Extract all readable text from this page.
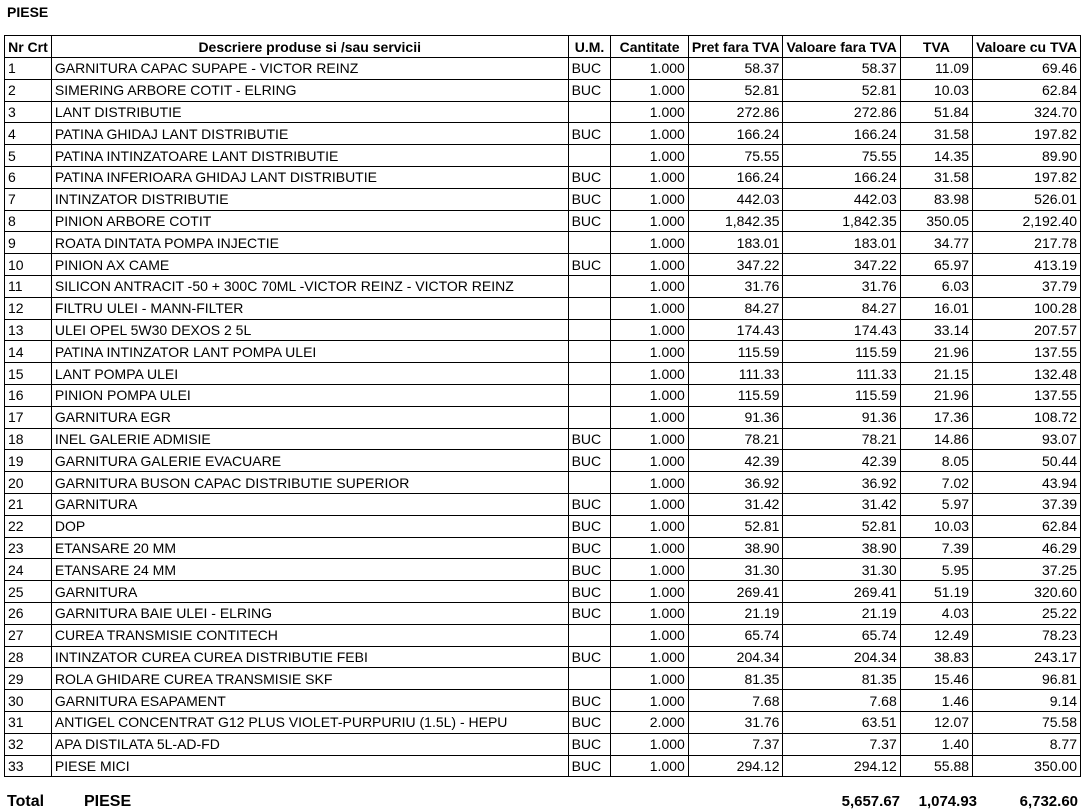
PIESE
Nr Crt	Descriere produse si /sau servicii	U.M.	Cantitate	Pret fara TVA	Valoare fara TVA	TVA	Valoare cu TVA
1	GARNITURA CAPAC SUPAPE - VICTOR REINZ	BUC	1.000	58.37	58.37	11.09	69.46
2	SIMERING ARBORE COTIT - ELRING	BUC	1.000	52.81	52.81	10.03	62.84
3	LANT DISTRIBUTIE		1.000	272.86	272.86	51.84	324.70
4	PATINA GHIDAJ LANT DISTRIBUTIE	BUC	1.000	166.24	166.24	31.58	197.82
5	PATINA INTINZATOARE LANT DISTRIBUTIE		1.000	75.55	75.55	14.35	89.90
6	PATINA INFERIOARA GHIDAJ LANT DISTRIBUTIE	BUC	1.000	166.24	166.24	31.58	197.82
7	INTINZATOR DISTRIBUTIE	BUC	1.000	442.03	442.03	83.98	526.01
8	PINION ARBORE COTIT	BUC	1.000	1,842.35	1,842.35	350.05	2,192.40
9	ROATA DINTATA POMPA INJECTIE		1.000	183.01	183.01	34.77	217.78
10	PINION AX CAME	BUC	1.000	347.22	347.22	65.97	413.19
11	SILICON ANTRACIT -50 + 300C 70ML -VICTOR REINZ - VICTOR REINZ		1.000	31.76	31.76	6.03	37.79
12	FILTRU ULEI - MANN-FILTER		1.000	84.27	84.27	16.01	100.28
13	ULEI OPEL 5W30 DEXOS 2 5L		1.000	174.43	174.43	33.14	207.57
14	PATINA INTINZATOR LANT POMPA ULEI		1.000	115.59	115.59	21.96	137.55
15	LANT POMPA ULEI		1.000	111.33	111.33	21.15	132.48
16	PINION POMPA ULEI		1.000	115.59	115.59	21.96	137.55
17	GARNITURA EGR		1.000	91.36	91.36	17.36	108.72
18	INEL GALERIE ADMISIE	BUC	1.000	78.21	78.21	14.86	93.07
19	GARNITURA GALERIE EVACUARE	BUC	1.000	42.39	42.39	8.05	50.44
20	GARNITURA BUSON CAPAC DISTRIBUTIE SUPERIOR		1.000	36.92	36.92	7.02	43.94
21	GARNITURA	BUC	1.000	31.42	31.42	5.97	37.39
22	DOP	BUC	1.000	52.81	52.81	10.03	62.84
23	ETANSARE 20 MM	BUC	1.000	38.90	38.90	7.39	46.29
24	ETANSARE 24 MM	BUC	1.000	31.30	31.30	5.95	37.25
25	GARNITURA	BUC	1.000	269.41	269.41	51.19	320.60
26	GARNITURA BAIE ULEI - ELRING	BUC	1.000	21.19	21.19	4.03	25.22
27	CUREA TRANSMISIE CONTITECH		1.000	65.74	65.74	12.49	78.23
28	INTINZATOR CUREA CUREA DISTRIBUTIE FEBI	BUC	1.000	204.34	204.34	38.83	243.17
29	ROLA GHIDARE CUREA TRANSMISIE SKF		1.000	81.35	81.35	15.46	96.81
30	GARNITURA ESAPAMENT	BUC	1.000	7.68	7.68	1.46	9.14
31	ANTIGEL CONCENTRAT G12 PLUS VIOLET-PURPURIU (1.5L) - HEPU	BUC	2.000	31.76	63.51	12.07	75.58
32	APA DISTILATA 5L-AD-FD	BUC	1.000	7.37	7.37	1.40	8.77
33	PIESE MICI	BUC	1.000	294.12	294.12	55.88	350.00
Total PIESE	5,657.67	1,074.93	6,732.60
